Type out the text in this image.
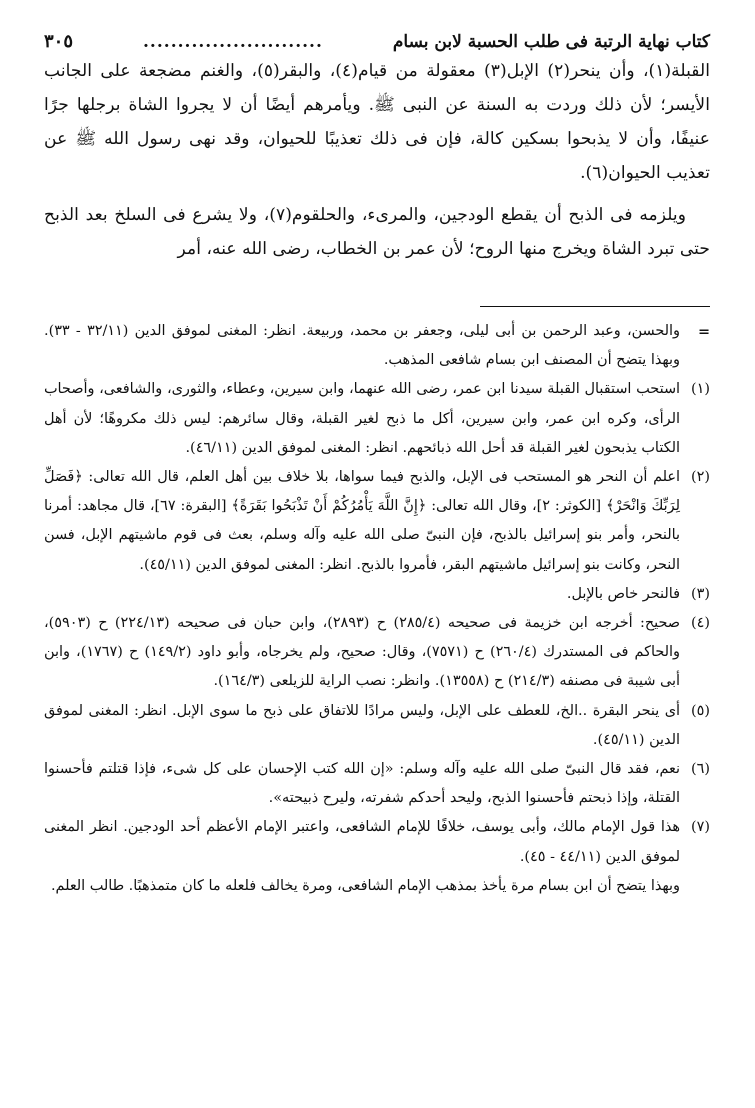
كتاب نهاية الرتبة فى طلب الحسبة لابن بسام
..........................
٣٠٥

القبلة(١)، وأن ينحر(٢) الإبل(٣) معقولة من قيام(٤)، والبقر(٥)، والغنم مضجعة على الجانب الأيسر؛ لأن ذلك وردت به السنة عن النبى ﷺ. ويأمرهم أيضًا أن لا يجروا الشاة برجلها جرًا عنيفًا، وأن لا يذبحوا بسكين كالة، فإن فى ذلك تعذيبًا للحيوان، وقد نهى رسول الله ﷺ عن تعذيب الحيوان(٦).

ويلزمه فى الذبح أن يقطع الودجين، والمرىء، والحلقوم(٧)، ولا يشرع فى السلخ بعد الذبح حتى تبرد الشاة ويخرج منها الروح؛ لأن عمر بن الخطاب، رضى الله عنه، أمر

=
والحسن، وعبد الرحمن بن أبى ليلى، وجعفر بن محمد، وربيعة. انظر: المغنى لموفق الدين (٣٢/١١ - ٣٣). وبهذا يتضح أن المصنف ابن بسام شافعى المذهب.
(١)
استحب استقبال القبلة سيدنا ابن عمر، رضى الله عنهما، وابن سيرين، وعطاء، والثورى، والشافعى، وأصحاب الرأى، وكره ابن عمر، وابن سيرين، أكل ما ذبح لغير القبلة، وقال سائرهم: ليس ذلك مكروهًا؛ لأن أهل الكتاب يذبحون لغير القبلة قد أحل الله ذبائحهم. انظر: المغنى لموفق الدين (٤٦/١١).
(٢)
اعلم أن النحر هو المستحب فى الإبل، والذبح فيما سواها، بلا خلاف بين أهل العلم، قال الله تعالى: ﴿فَصَلِّ لِرَبِّكَ وَانْحَرْ﴾ [الكوثر: ٢]، وقال الله تعالى: ﴿إِنَّ اللَّهَ يَأْمُرُكُمْ أَنْ تَذْبَحُوا بَقَرَةً﴾ [البقرة: ٦٧]، قال مجاهد: أمرنا بالنحر، وأمر بنو إسرائيل بالذبح، فإن النبىّ صلى الله عليه وآله وسلم، بعث فى قوم ماشيتهم الإبل، فسن النحر، وكانت بنو إسرائيل ماشيتهم البقر، فأمروا بالذبح. انظر: المغنى لموفق الدين (٤٥/١١).
(٣)
فالنحر خاص بالإبل.
(٤)
صحيح: أخرجه ابن خزيمة فى صحيحه (٢٨٥/٤) ح (٢٨٩٣)، وابن حبان فى صحيحه (٢٢٤/١٣) ح (٥٩٠٣)، والحاكم فى المستدرك (٢٦٠/٤) ح (٧٥٧١)، وقال: صحيح، ولم يخرجاه، وأبو داود (١٤٩/٢) ح (١٧٦٧)، وابن أبى شيبة فى مصنفه (٢١٤/٣) ح (١٣٥٥٨). وانظر: نصب الراية للزيلعى (١٦٤/٣).
(٥)
أى ينحر البقرة ..الخ، للعطف على الإبل، وليس مرادًا للاتفاق على ذبح ما سوى الإبل. انظر: المغنى لموفق الدين (٤٥/١١).
(٦)
نعم، فقد قال النبىّ صلى الله عليه وآله وسلم: «إن الله كتب الإحسان على كل شىء، فإذا قتلتم فأحسنوا القتلة، وإذا ذبحتم فأحسنوا الذبح، وليحد أحدكم شفرته، وليرح ذبيحته».
(٧)
هذا قول الإمام مالك، وأبى يوسف، خلافًا للإمام الشافعى، واعتبر الإمام الأعظم أحد الودجين. انظر المغنى لموفق الدين (٤٤/١١ - ٤٥).
وبهذا يتضح أن ابن بسام مرة يأخذ بمذهب الإمام الشافعى، ومرة يخالف فلعله ما كان متمذهبًا. طالب العلم.
